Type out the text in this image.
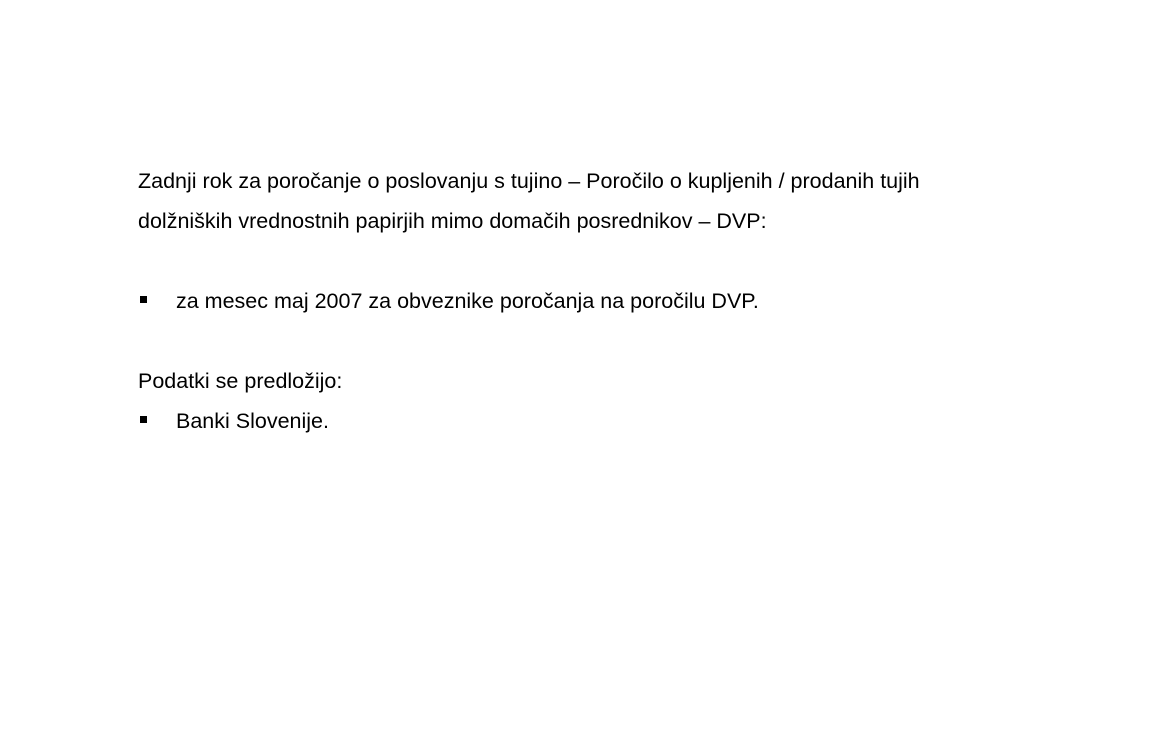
Zadnji rok za poročanje o poslovanju s tujino – Poročilo o kupljenih / prodanih tujih

dolžniških vrednostnih papirjih mimo domačih posrednikov – DVP:

za mesec maj 2007 za obveznike poročanja na poročilu DVP.

Podatki se predložijo:

Banki Slovenije.
